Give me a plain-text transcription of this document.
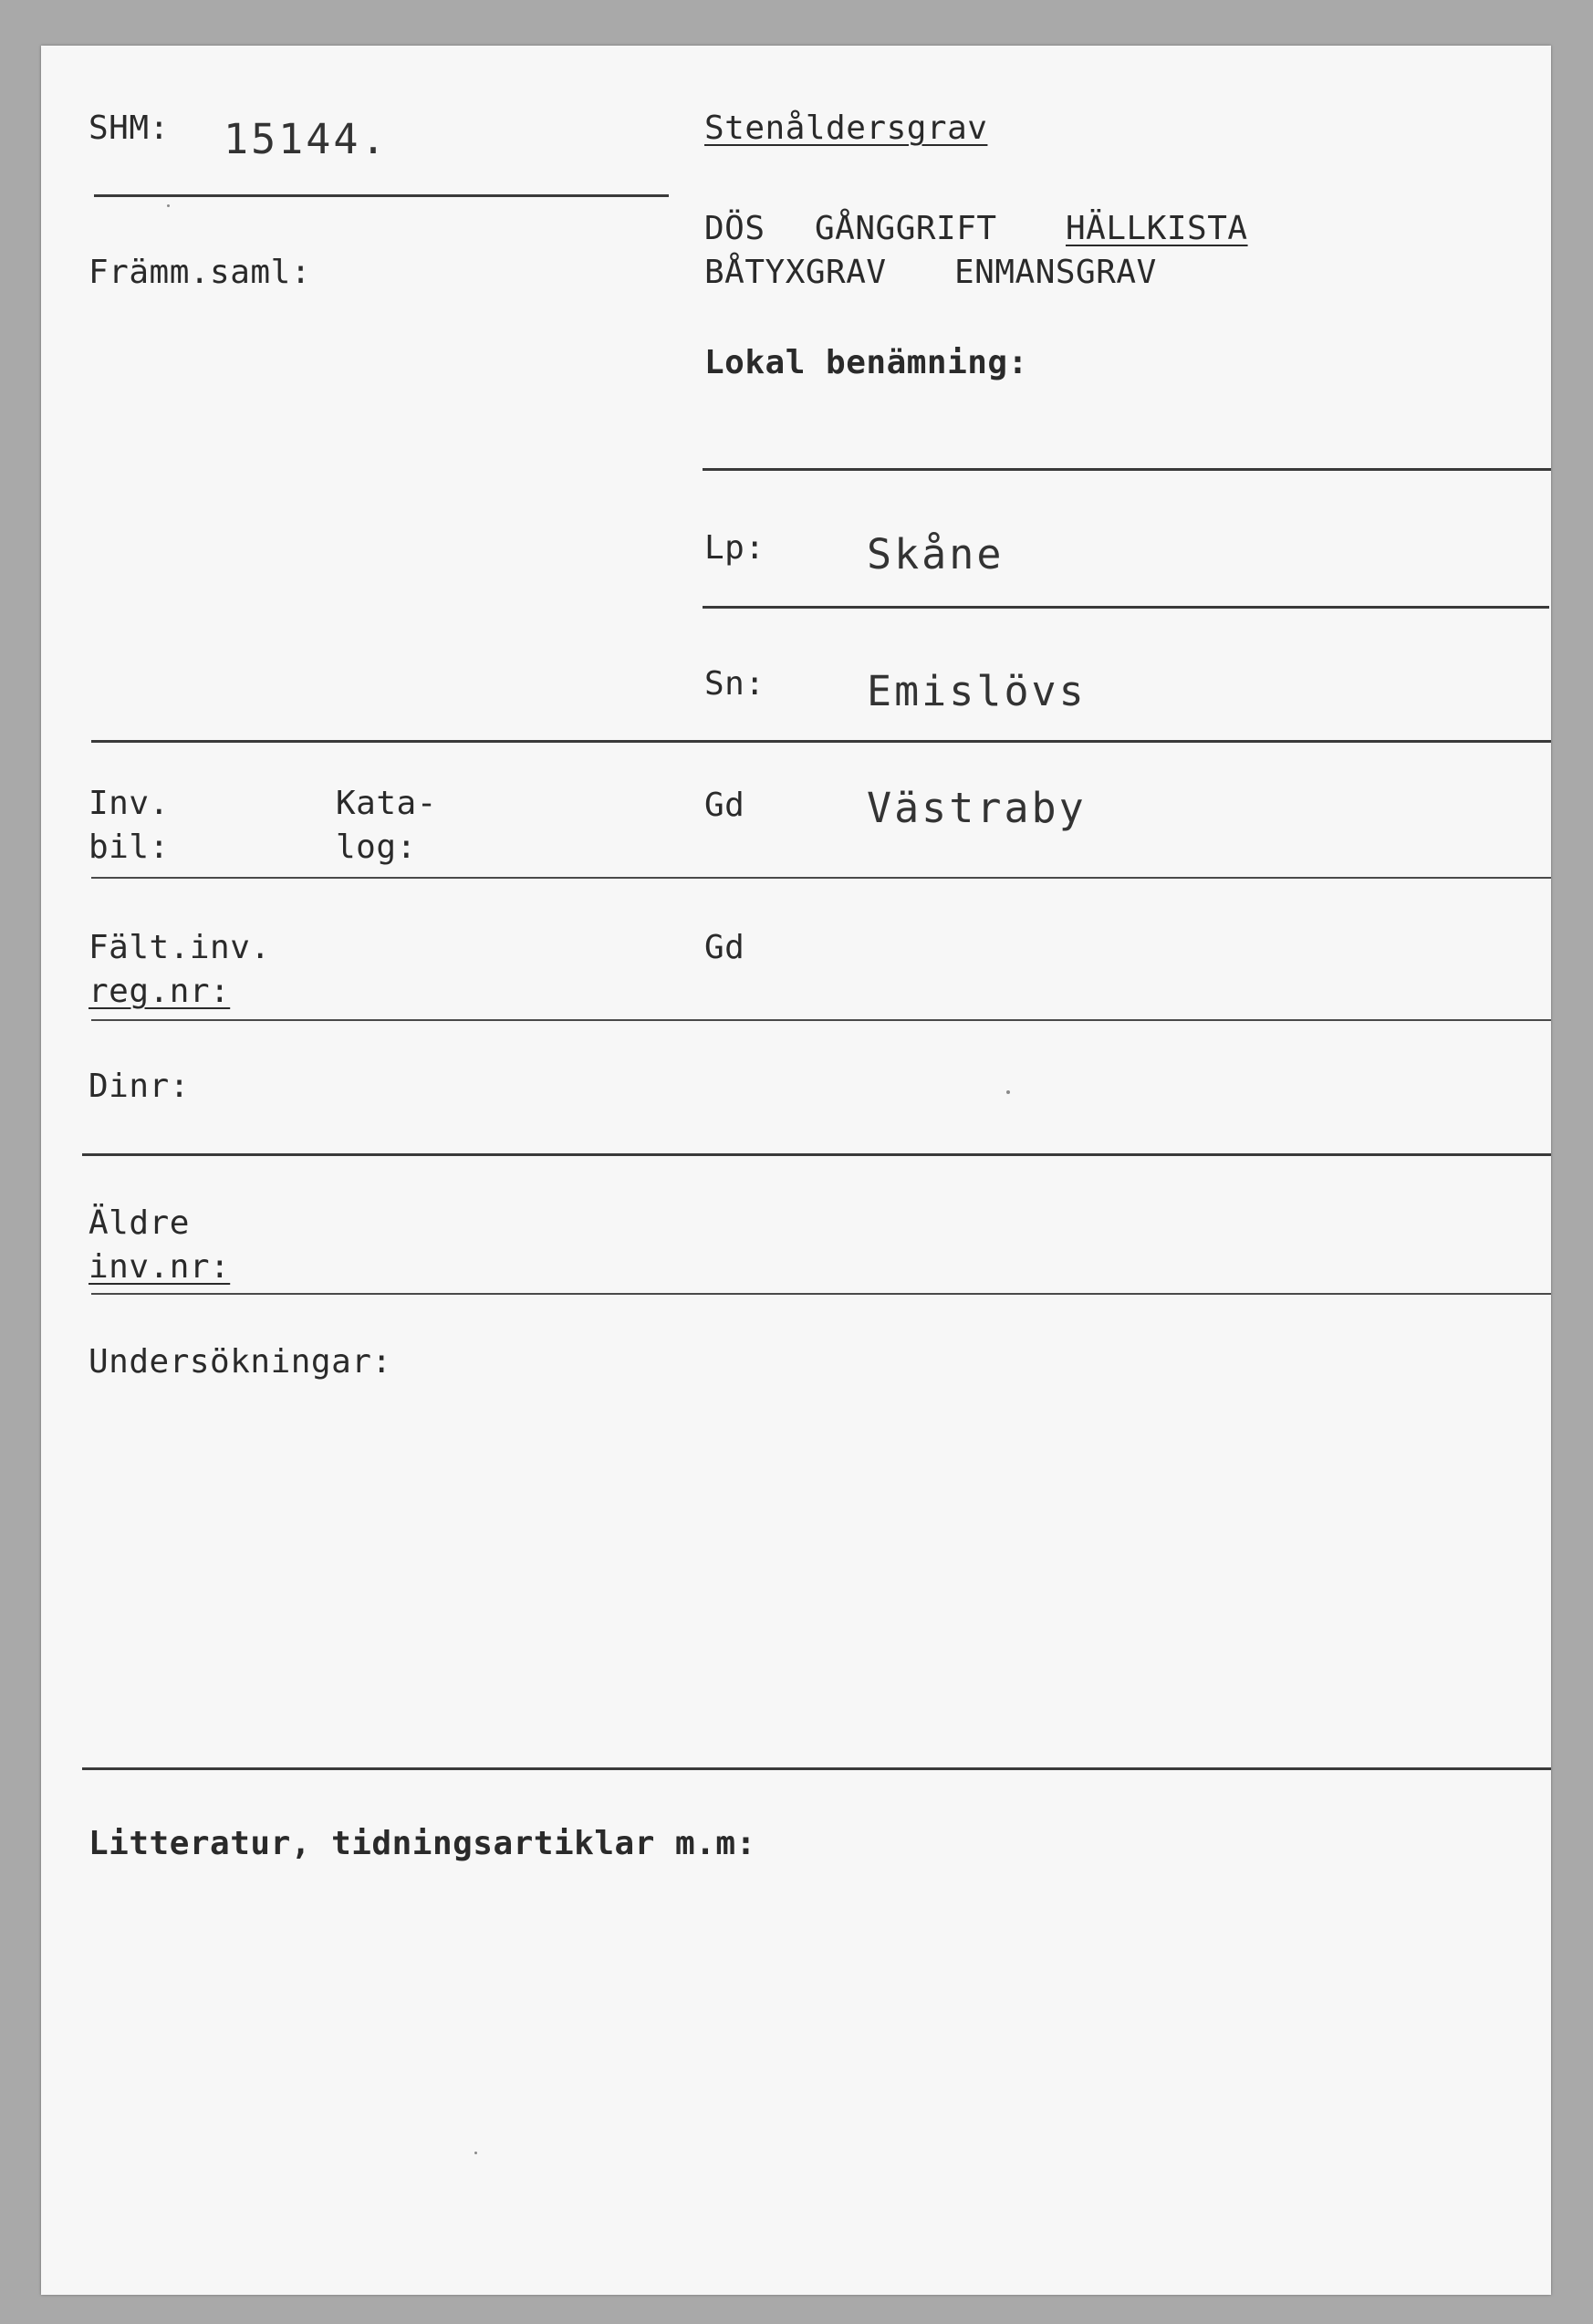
SHM: 15144.	Stenåldersgrav
DÖS GÅNGGRIFT HÄLLKISTA
BÅTYXGRAV ENMANSGRAV
Främm.saml:
Lokal benämning:
Lp: Skåne
Sn: Emislövs
Inv.
bil:
Kata-
log:
Gd	Västraby
Fält.inv.
reg.nr:
Gd
Dinr:
Äldre
inv.nr:
Undersökningar:
Litteratur, tidningsartiklar m.m:
